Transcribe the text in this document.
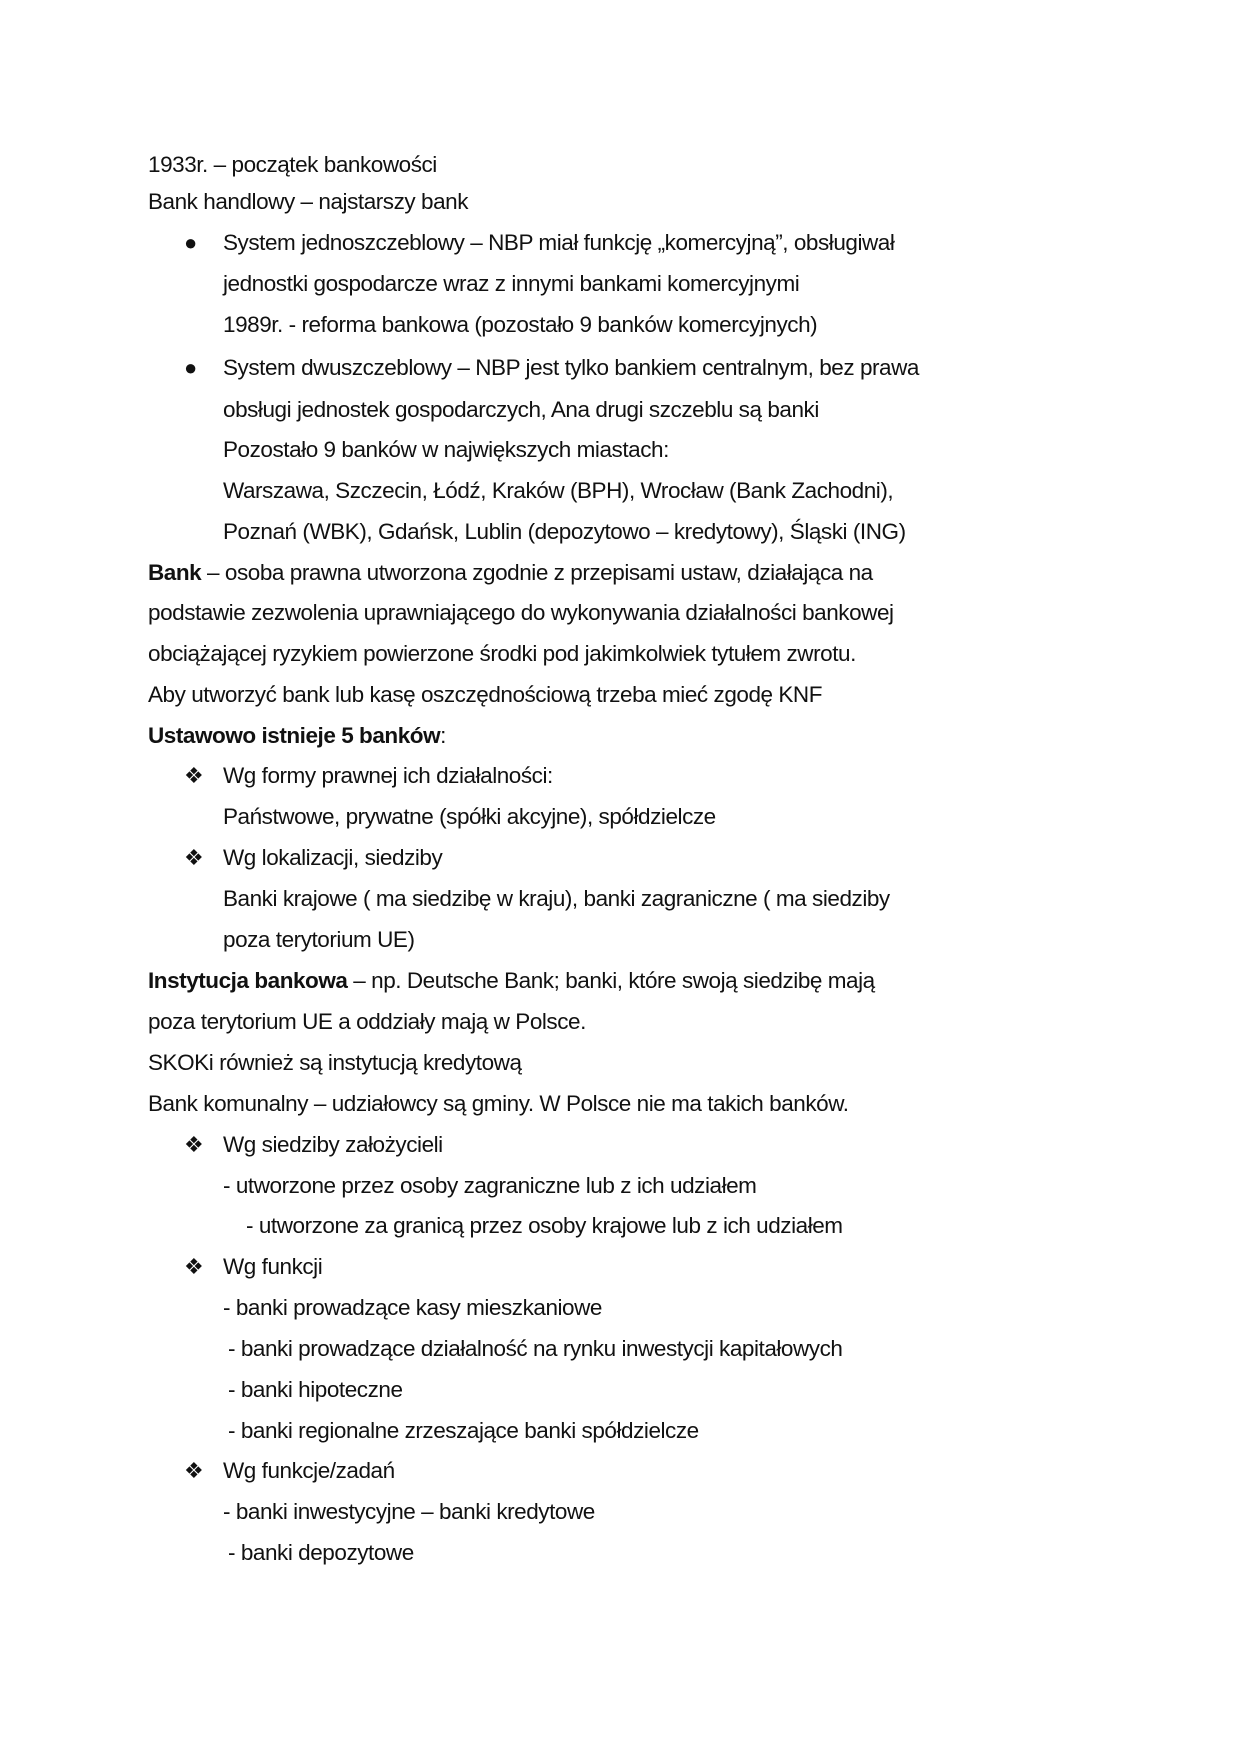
1933r. – początek bankowości
Bank handlowy – najstarszy bank
● System jednoszczeblowy – NBP miał funkcję „komercyjną”, obsługiwał
jednostki gospodarcze wraz z innymi bankami komercyjnymi
1989r. - reforma bankowa (pozostało 9 banków komercyjnych)
● System dwuszczeblowy – NBP jest tylko bankiem centralnym, bez prawa
obsługi jednostek gospodarczych, Ana drugi szczeblu są banki
Pozostało 9 banków w największych miastach:
Warszawa, Szczecin, Łódź, Kraków (BPH), Wrocław (Bank Zachodni),
Poznań (WBK), Gdańsk, Lublin (depozytowo – kredytowy), Śląski (ING)
Bank – osoba prawna utworzona zgodnie z przepisami ustaw, działająca na
podstawie zezwolenia uprawniającego do wykonywania działalności bankowej
obciążającej ryzykiem powierzone środki pod jakimkolwiek tytułem zwrotu.
Aby utworzyć bank lub kasę oszczędnościową trzeba mieć zgodę KNF
Ustawowo istnieje 5 banków:
❖ Wg formy prawnej ich działalności:
Państwowe, prywatne (spółki akcyjne), spółdzielcze
❖ Wg lokalizacji, siedziby
Banki krajowe ( ma siedzibę w kraju), banki zagraniczne ( ma siedziby
poza terytorium UE)
Instytucja bankowa – np. Deutsche Bank; banki, które swoją siedzibę mają
poza terytorium UE a oddziały mają w Polsce.
SKOKi również są instytucją kredytową
Bank komunalny – udziałowcy są gminy. W Polsce nie ma takich banków.
❖ Wg siedziby założycieli
- utworzone przez osoby zagraniczne lub z ich udziałem
- utworzone za granicą przez osoby krajowe lub z ich udziałem
❖ Wg funkcji
- banki prowadzące kasy mieszkaniowe
- banki prowadzące działalność na rynku inwestycji kapitałowych
- banki hipoteczne
- banki regionalne zrzeszające banki spółdzielcze
❖ Wg funkcje/zadań
- banki inwestycyjne – banki kredytowe
- banki depozytowe
